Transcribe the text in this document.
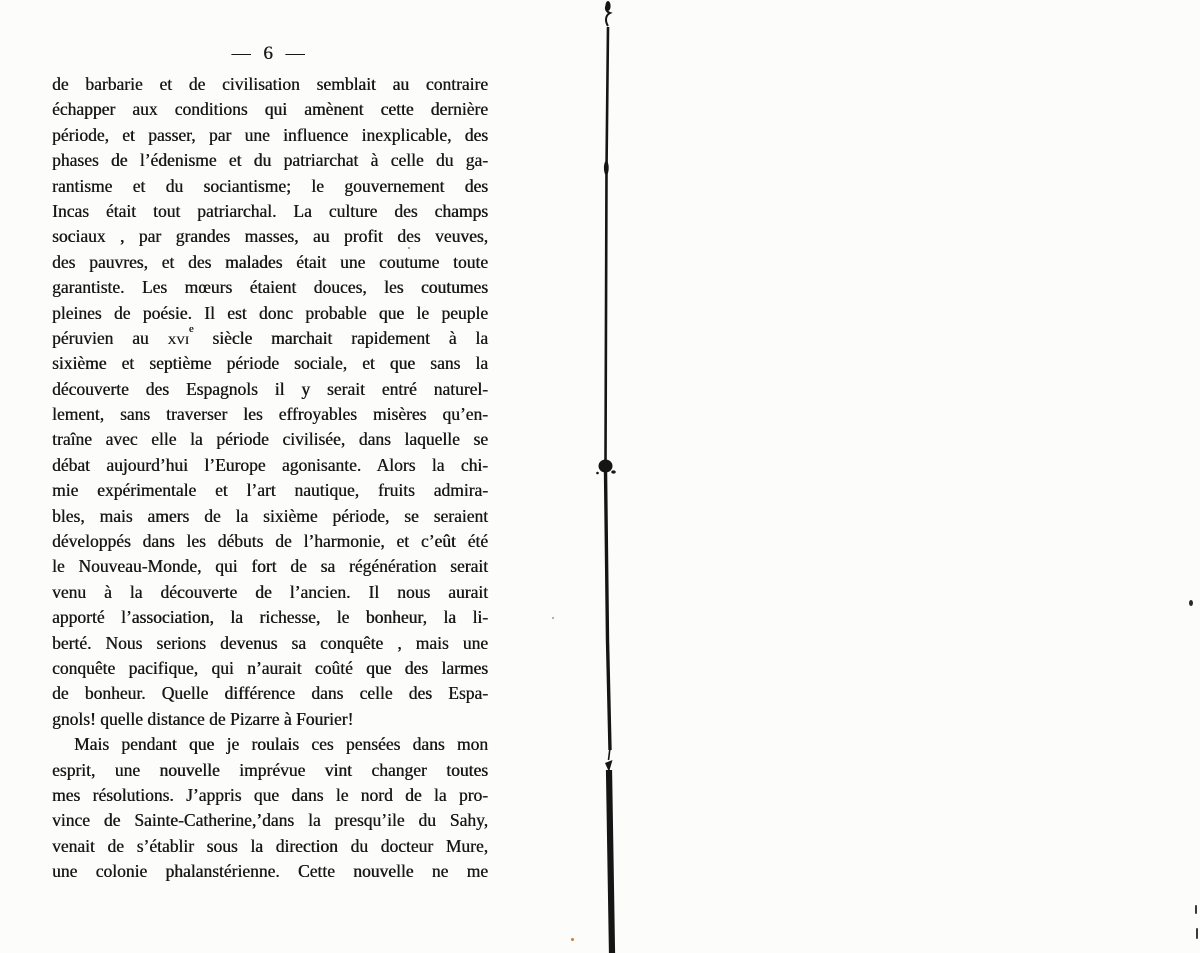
— 6 —
de barbarie et de civilisation semblait au contraire
échapper aux conditions qui amènent cette dernière
période, et passer, par une influence inexplicable, des
phases de l’édenisme et du patriarchat à celle du ga-
rantisme et du sociantisme; le gouvernement des
Incas était tout patriarchal. La culture des champs
sociaux , par grandes masses, au profit des veuves,
des pauvres, et des malades était une coutume toute
garantiste. Les mœurs étaient douces, les coutumes
pleines de poésie. Il est donc probable que le peuple
péruvien au xvi$^e$ siècle marchait rapidement à la
sixième et septième période sociale, et que sans la
découverte des Espagnols il y serait entré naturel-
lement, sans traverser les effroyables misères qu’en-
traîne avec elle la période civilisée, dans laquelle se
débat aujourd’hui l’Europe agonisante. Alors la chi-
mie expérimentale et l’art nautique, fruits admira-
bles, mais amers de la sixième période, se seraient
développés dans les débuts de l’harmonie, et c’eût été
le Nouveau-Monde, qui fort de sa régénération serait
venu à la découverte de l’ancien. Il nous aurait
apporté l’association, la richesse, le bonheur, la li-
berté. Nous serions devenus sa conquête , mais une
conquête pacifique, qui n’aurait coûté que des larmes
de bonheur. Quelle différence dans celle des Espa-
gnols! quelle distance de Pizarre à Fourier!
Mais pendant que je roulais ces pensées dans mon
esprit, une nouvelle imprévue vint changer toutes
mes résolutions. J’appris que dans le nord de la pro-
vince de Sainte-Catherine,’dans la presqu’ile du Sahy,
venait de s’établir sous la direction du docteur Mure,
une colonie phalanstérienne. Cette nouvelle ne me
